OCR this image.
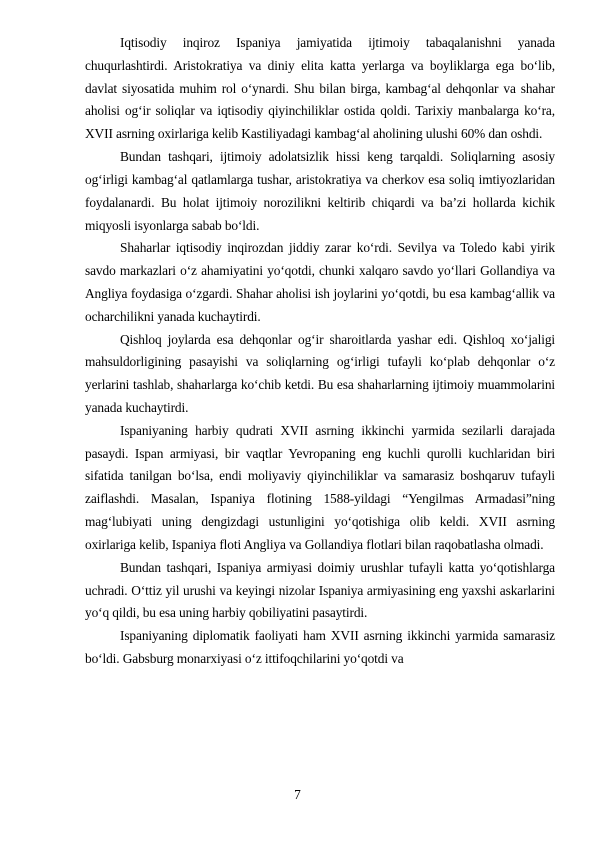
Iqtisodiy inqiroz Ispaniya jamiyatida ijtimoiy tabaqalanishni yanada chuqurlashtirdi. Aristokratiya va diniy elita katta yerlarga va boyliklarga ega bo‘lib, davlat siyosatida muhim rol o‘ynardi. Shu bilan birga, kambag‘al dehqonlar va shahar aholisi og‘ir soliqlar va iqtisodiy qiyinchiliklar ostida qoldi. Tarixiy manbalarga ko‘ra, XVII asrning oxirlariga kelib Kastiliyadagi kambag‘al aholining ulushi 60% dan oshdi.

Bundan tashqari, ijtimoiy adolatsizlik hissi keng tarqaldi. Soliqlarning asosiy og‘irligi kambag‘al qatlamlarga tushar, aristokratiya va cherkov esa soliq imtiyozlaridan foydalanardi. Bu holat ijtimoiy norozilikni keltirib chiqardi va ba’zi hollarda kichik miqyosli isyonlarga sabab bo‘ldi.

Shaharlar iqtisodiy inqirozdan jiddiy zarar ko‘rdi. Sevilya va Toledo kabi yirik savdo markazlari o‘z ahamiyatini yo‘qotdi, chunki xalqaro savdo yo‘llari Gollandiya va Angliya foydasiga o‘zgardi. Shahar aholisi ish joylarini yo‘qotdi, bu esa kambag‘allik va ocharchilikni yanada kuchaytirdi.

Qishloq joylarda esa dehqonlar og‘ir sharoitlarda yashar edi. Qishloq xo‘jaligi mahsuldorligining pasayishi va soliqlarning og‘irligi tufayli ko‘plab dehqonlar o‘z yerlarini tashlab, shaharlarga ko‘chib ketdi. Bu esa shaharlarning ijtimoiy muammolarini yanada kuchaytirdi.

Ispaniyaning harbiy qudrati XVII asrning ikkinchi yarmida sezilarli darajada pasaydi. Ispan armiyasi, bir vaqtlar Yevropaning eng kuchli qurolli kuchlaridan biri sifatida tanilgan bo‘lsa, endi moliyaviy qiyinchiliklar va samarasiz boshqaruv tufayli zaiflashdi. Masalan, Ispaniya flotining 1588-yildagi “Yengilmas Armadasi”ning mag‘lubiyati uning dengizdagi ustunligini yo‘qotishiga olib keldi. XVII asrning oxirlariga kelib, Ispaniya floti Angliya va Gollandiya flotlari bilan raqobatlasha olmadi.

Bundan tashqari, Ispaniya armiyasi doimiy urushlar tufayli katta yo‘qotishlarga uchradi. O‘ttiz yil urushi va keyingi nizolar Ispaniya armiyasining eng yaxshi askarlarini yo‘q qildi, bu esa uning harbiy qobiliyatini pasaytirdi.

Ispaniyaning diplomatik faoliyati ham XVII asrning ikkinchi yarmida samarasiz bo‘ldi. Gabsburg monarxiyasi o‘z ittifoqchilarini yo‘qotdi va

7
